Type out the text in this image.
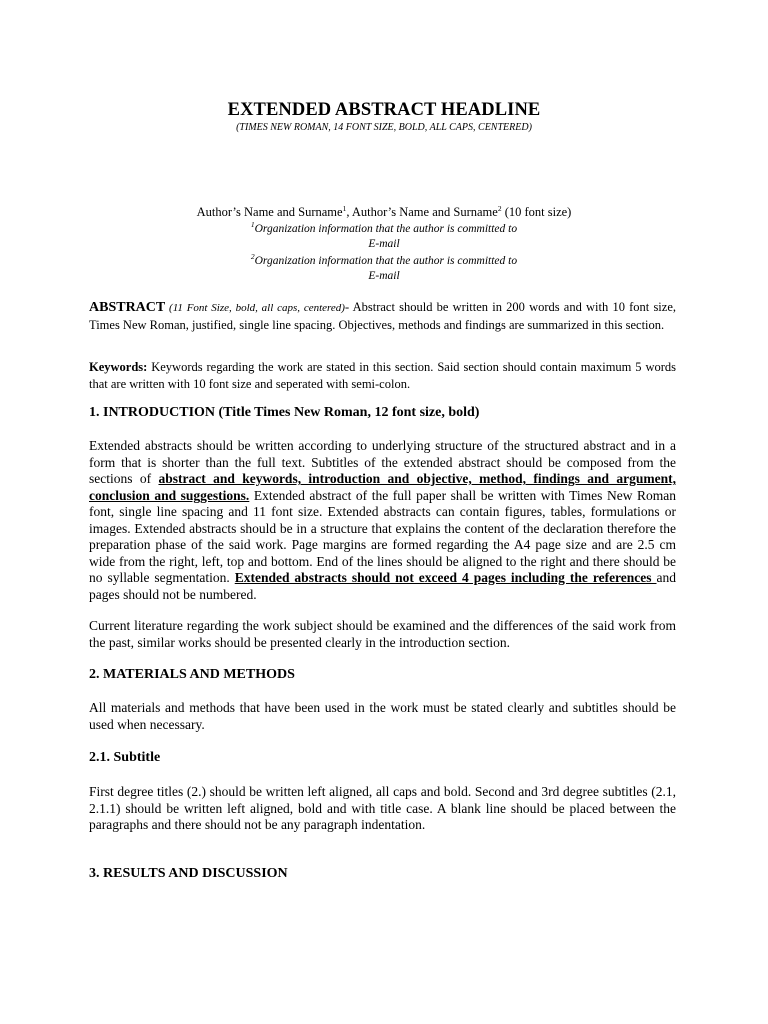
EXTENDED ABSTRACT HEADLINE
(TIMES NEW ROMAN, 14 FONT SIZE, BOLD, ALL CAPS, CENTERED)
Author’s Name and Surname$^1$, Author’s Name and Surname$^2$ (10 font size)
$^1$Organization information that the author is committed to
E-mail
$^2$Organization information that the author is committed to
E-mail
ABSTRACT (11 Font Size, bold, all caps, centered)- Abstract should be written in 200 words and with 10 font size, Times New Roman, justified, single line spacing. Objectives, methods and findings are summarized in this section.
Keywords: Keywords regarding the work are stated in this section. Said section should contain maximum 5 words that are written with 10 font size and seperated with semi-colon.
1. INTRODUCTION (Title Times New Roman, 12 font size, bold)
Extended abstracts should be written according to underlying structure of the structured abstract and in a form that is shorter than the full text. Subtitles of the extended abstract should be composed from the sections of abstract and keywords, introduction and objective, method, findings and argument, conclusion and suggestions. Extended abstract of the full paper shall be written with Times New Roman font, single line spacing and 11 font size. Extended abstracts can contain figures, tables, formulations or images. Extended abstracts should be in a structure that explains the content of the declaration therefore the preparation phase of the said work. Page margins are formed regarding the A4 page size and are 2.5 cm wide from the right, left, top and bottom. End of the lines should be aligned to the right and there should be no syllable segmentation. Extended abstracts should not exceed 4 pages including the references and pages should not be numbered.
Current literature regarding the work subject should be examined and the differences of the said work from the past, similar works should be presented clearly in the introduction section.
2. MATERIALS AND METHODS
All materials and methods that have been used in the work must be stated clearly and subtitles should be used when necessary.
2.1. Subtitle
First degree titles (2.) should be written left aligned, all caps and bold. Second and 3rd degree subtitles (2.1, 2.1.1) should be written left aligned, bold and with title case. A blank line should be placed between the paragraphs and there should not be any paragraph indentation.
3. RESULTS AND DISCUSSION
